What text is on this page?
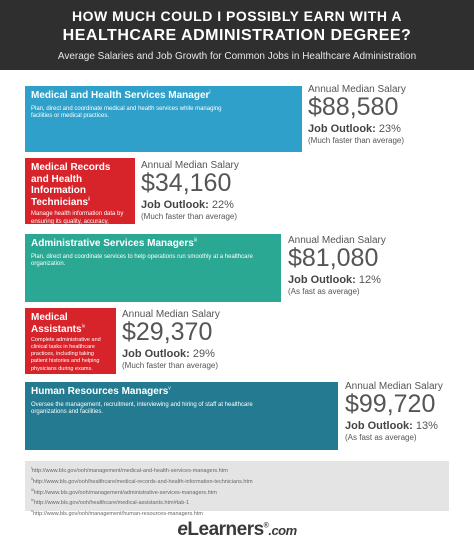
HOW MUCH COULD I POSSIBLY EARN WITH A
HEALTHCARE ADMINISTRATION DEGREE?
Average Salaries and Job Growth for Common Jobs in Healthcare Administration
Medical and Health Services Manager$^i$
Plan, direct and coordinate medical and health services while managing facilities or medical practices.
Annual Median Salary
$88,580
Job Outlook: 23%
(Much faster than average)
Medical Records and Health Information Technicians$^{ii}$
Manage health information data by ensuring its quality, accuracy, accessibility and security.
Annual Median Salary
$34,160
Job Outlook: 22%
(Much faster than average)
Administrative Services Managers$^{iii}$
Plan, direct and coordinate services to help operations run smoothly at a healthcare organization.
Annual Median Salary
$81,080
Job Outlook: 12%
(As fast as average)
Medical Assistants$^{iv}$
Complete administrative and clinical tasks in healthcare practices, including taking patient histories and helping physicians during exams.
Annual Median Salary
$29,370
Job Outlook: 29%
(Much faster than average)
Human Resources Managers$^v$
Oversee the management, recruitment, interviewing and hiring of staff at healthcare organizations and facilities.
Annual Median Salary
$99,720
Job Outlook: 13%
(As fast as average)
$^i$http://www.bls.gov/ooh/management/medical-and-health-services-managers.htm
$^{ii}$http://www.bls.gov/ooh/healthcare/medical-records-and-health-information-technicians.htm
$^{iii}$http://www.bls.gov/ooh/management/administrative-services-managers.htm
$^{iv}$http://www.bls.gov/ooh/healthcare/medical-assistants.htm#tab-1
$^v$http://www.bls.gov/ooh/management/human-resources-managers.htm
eLearners®.com
